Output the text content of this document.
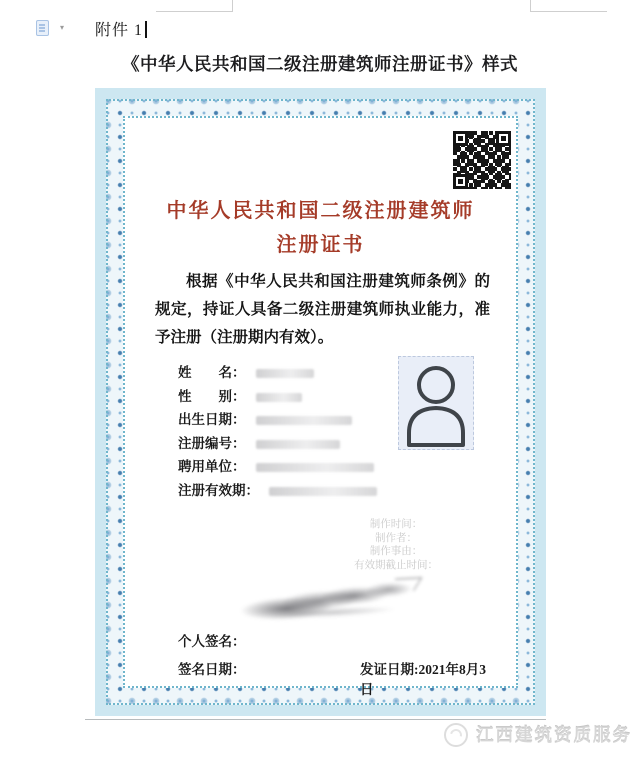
▾ 附件 1
《中华人民共和国二级注册建筑师注册证书》样式
中华人民共和国二级注册建筑师
注册证书
根据《中华人民共和国注册建筑师条例》的规定，持证人具备二级注册建筑师执业能力，准予注册（注册期内有效）。
姓　　名：
性　　别：
出生日期：
注册编号：
聘用单位：
注册有效期：
制作时间：
制作者：
制作事由：
有效期截止时间：
个人签名：
签名日期：	发证日期:2021年8月3日
江西建筑资质服务
